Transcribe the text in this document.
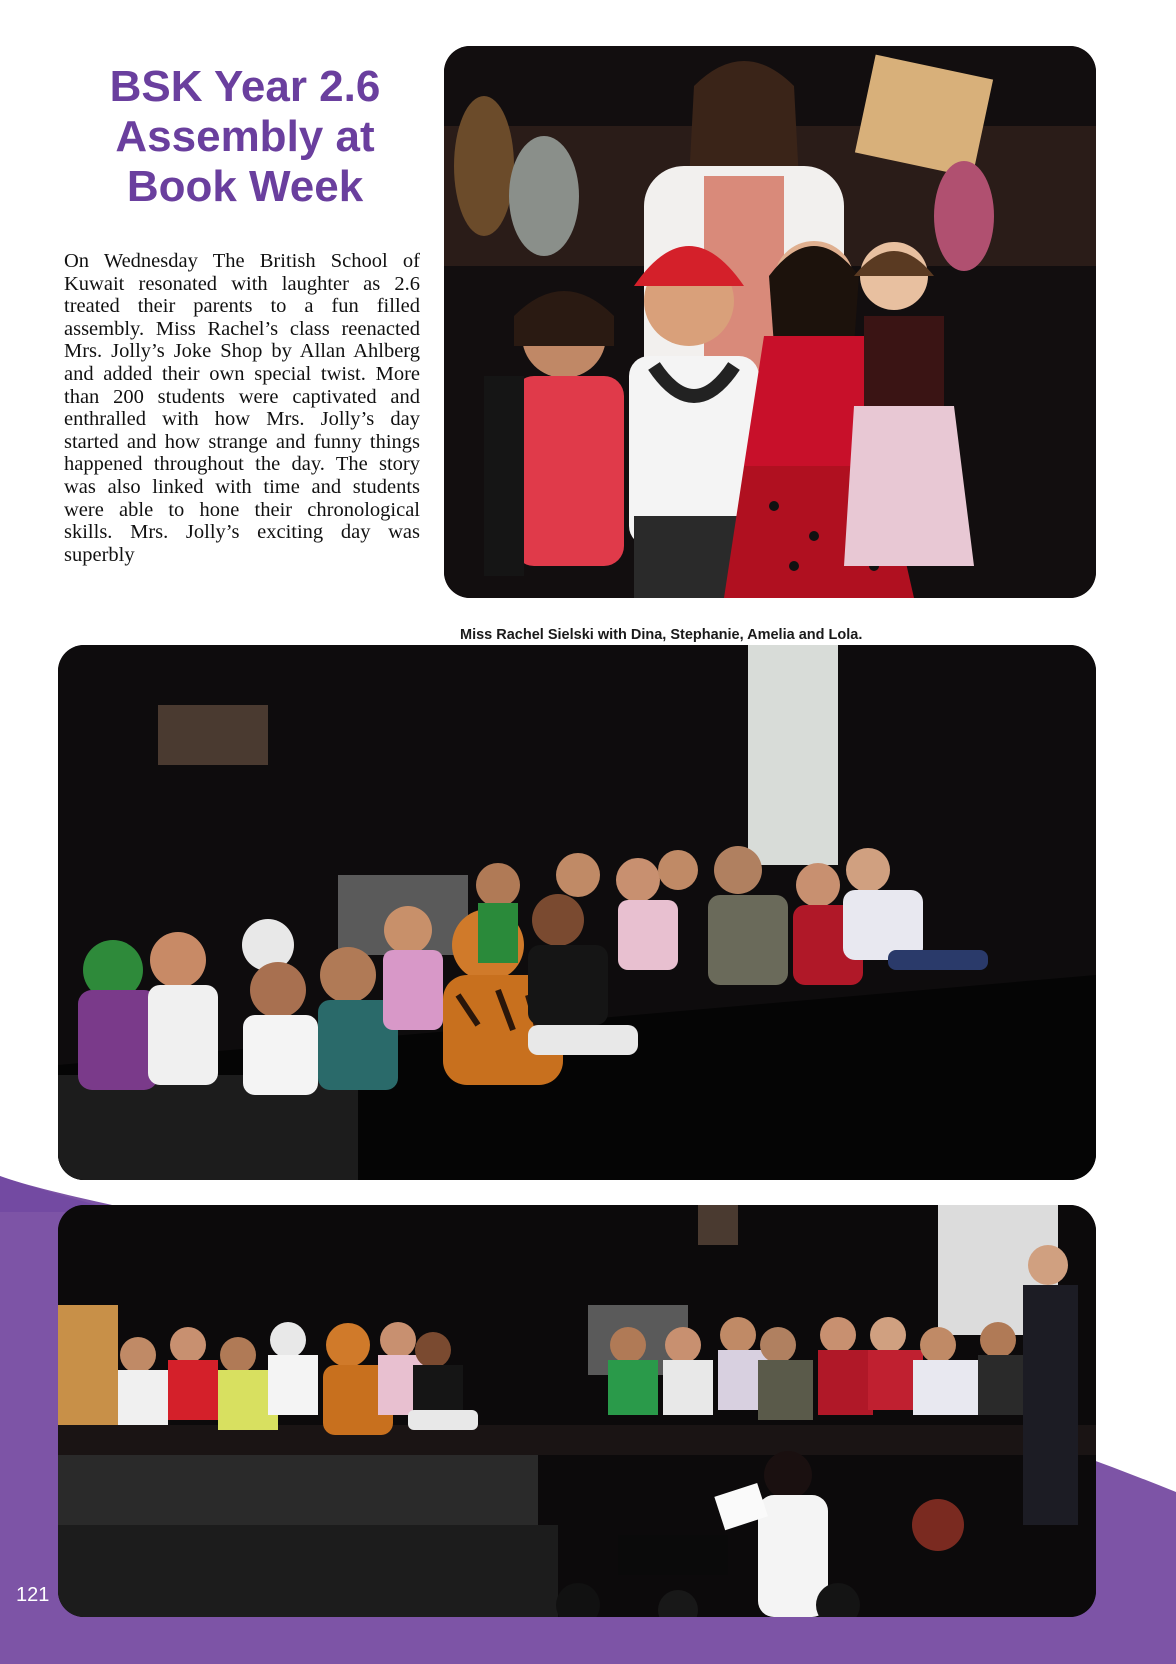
BSK Year 2.6
Assembly at
Book Week

On Wednesday The British School of Kuwait resonated with laughter as 2.6 treated their parents to a fun filled assembly. Miss Rachel’s class reenacted Mrs. Jolly’s Joke Shop by Allan Ahlberg and added their own special twist. More than 200 students were captivated and enthralled with how Mrs. Jolly’s day started and how strange and funny things happened throughout the day. The story was also linked with time and students were able to hone their chronological skills. Mrs. Jolly’s exciting day was superbly

Miss Rachel Sielski with Dina, Stephanie, Amelia and Lola.

121
